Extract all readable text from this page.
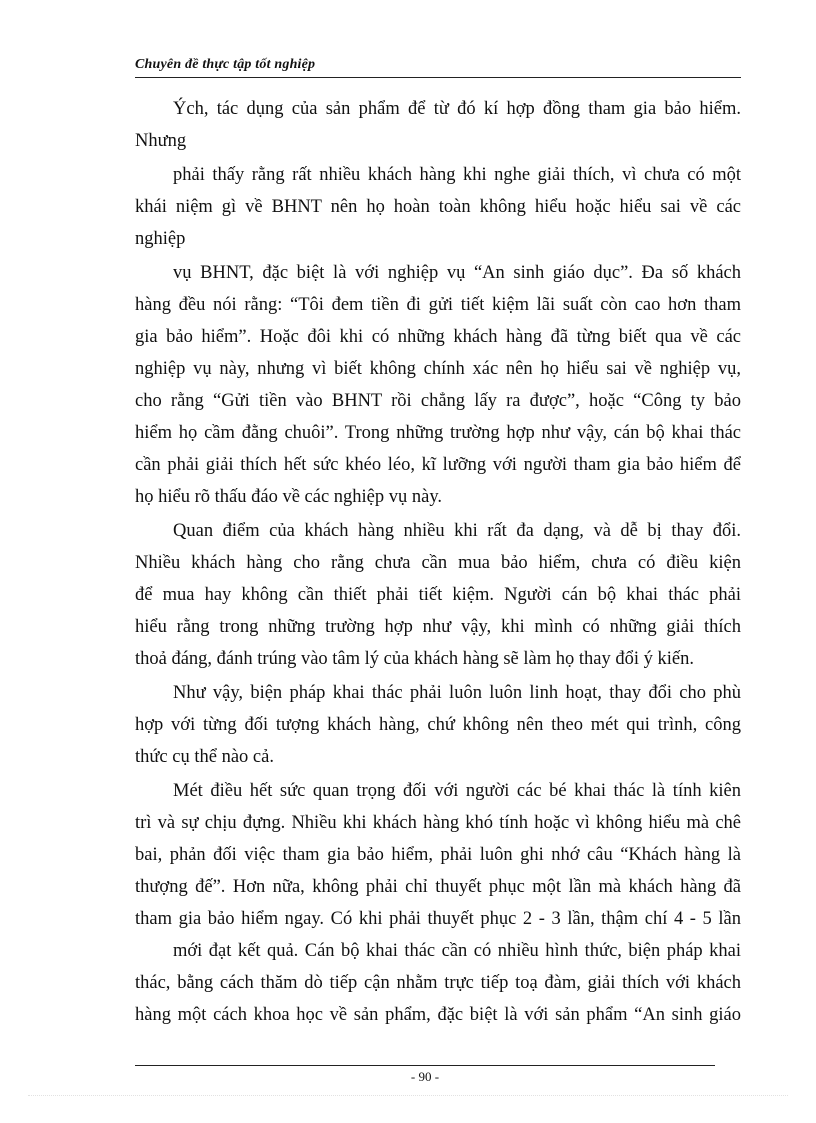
Chuyên đề thực tập tốt nghiệp
Ých, tác dụng của sản phẩm để từ đó kí hợp đồng tham gia bảo hiểm.
Nhưng
phải thấy rằng rất nhiều khách hàng khi nghe giải thích, vì chưa có một
khái niệm gì về BHNT nên họ hoàn toàn không hiểu hoặc hiểu sai về các
nghiệp
vụ BHNT, đặc biệt là với nghiệp vụ “An sinh giáo dục”. Đa số khách
hàng đều nói rằng: “Tôi đem tiền đi gửi tiết kiệm lãi suất còn cao hơn tham
gia bảo hiểm”. Hoặc đôi khi có những khách hàng đã từng biết qua về các
nghiệp vụ này, nhưng vì biết không chính xác nên họ hiểu sai về nghiệp vụ,
cho rằng “Gửi tiền vào BHNT rồi chẳng lấy ra được”, hoặc “Công ty bảo
hiểm họ cầm đằng chuôi”. Trong những trường hợp như vậy, cán bộ khai thác
cần phải giải thích hết sức khéo léo, kĩ lưỡng với người tham gia bảo hiểm để
họ hiểu rõ thấu đáo về các nghiệp vụ này.
Quan điểm của khách hàng nhiều khi rất đa dạng, và dễ bị thay đổi.
Nhiều khách hàng cho rằng chưa cần mua bảo hiểm, chưa có điều kiện
để mua hay không cần thiết phải tiết kiệm. Người cán bộ khai thác phải
hiểu rằng trong những trường hợp như vậy, khi mình có những giải thích
thoả đáng, đánh trúng vào tâm lý của khách hàng sẽ làm họ thay đổi ý kiến.
Như vậy, biện pháp khai thác phải luôn luôn linh hoạt, thay đổi cho phù
hợp với từng đối tượng khách hàng, chứ không nên theo mét qui trình, công
thức cụ thể nào cả.
Mét điều hết sức quan trọng đối với người các bé khai thác là tính kiên
trì và sự chịu đựng. Nhiều khi khách hàng khó tính hoặc vì không hiểu mà chê
bai, phản đối việc tham gia bảo hiểm, phải luôn ghi nhớ câu “Khách hàng là
thượng đế”. Hơn nữa, không phải chỉ thuyết phục một lần mà khách hàng đã
tham gia bảo hiểm ngay. Có khi phải thuyết phục 2 - 3 lần, thậm chí 4 - 5 lần
mới đạt kết quả. Cán bộ khai thác cần có nhiều hình thức, biện pháp khai
thác, bằng cách thăm dò tiếp cận nhằm trực tiếp toạ đàm, giải thích với khách
hàng một cách khoa học về sản phẩm, đặc biệt là với sản phẩm “An sinh giáo
- 90 -
